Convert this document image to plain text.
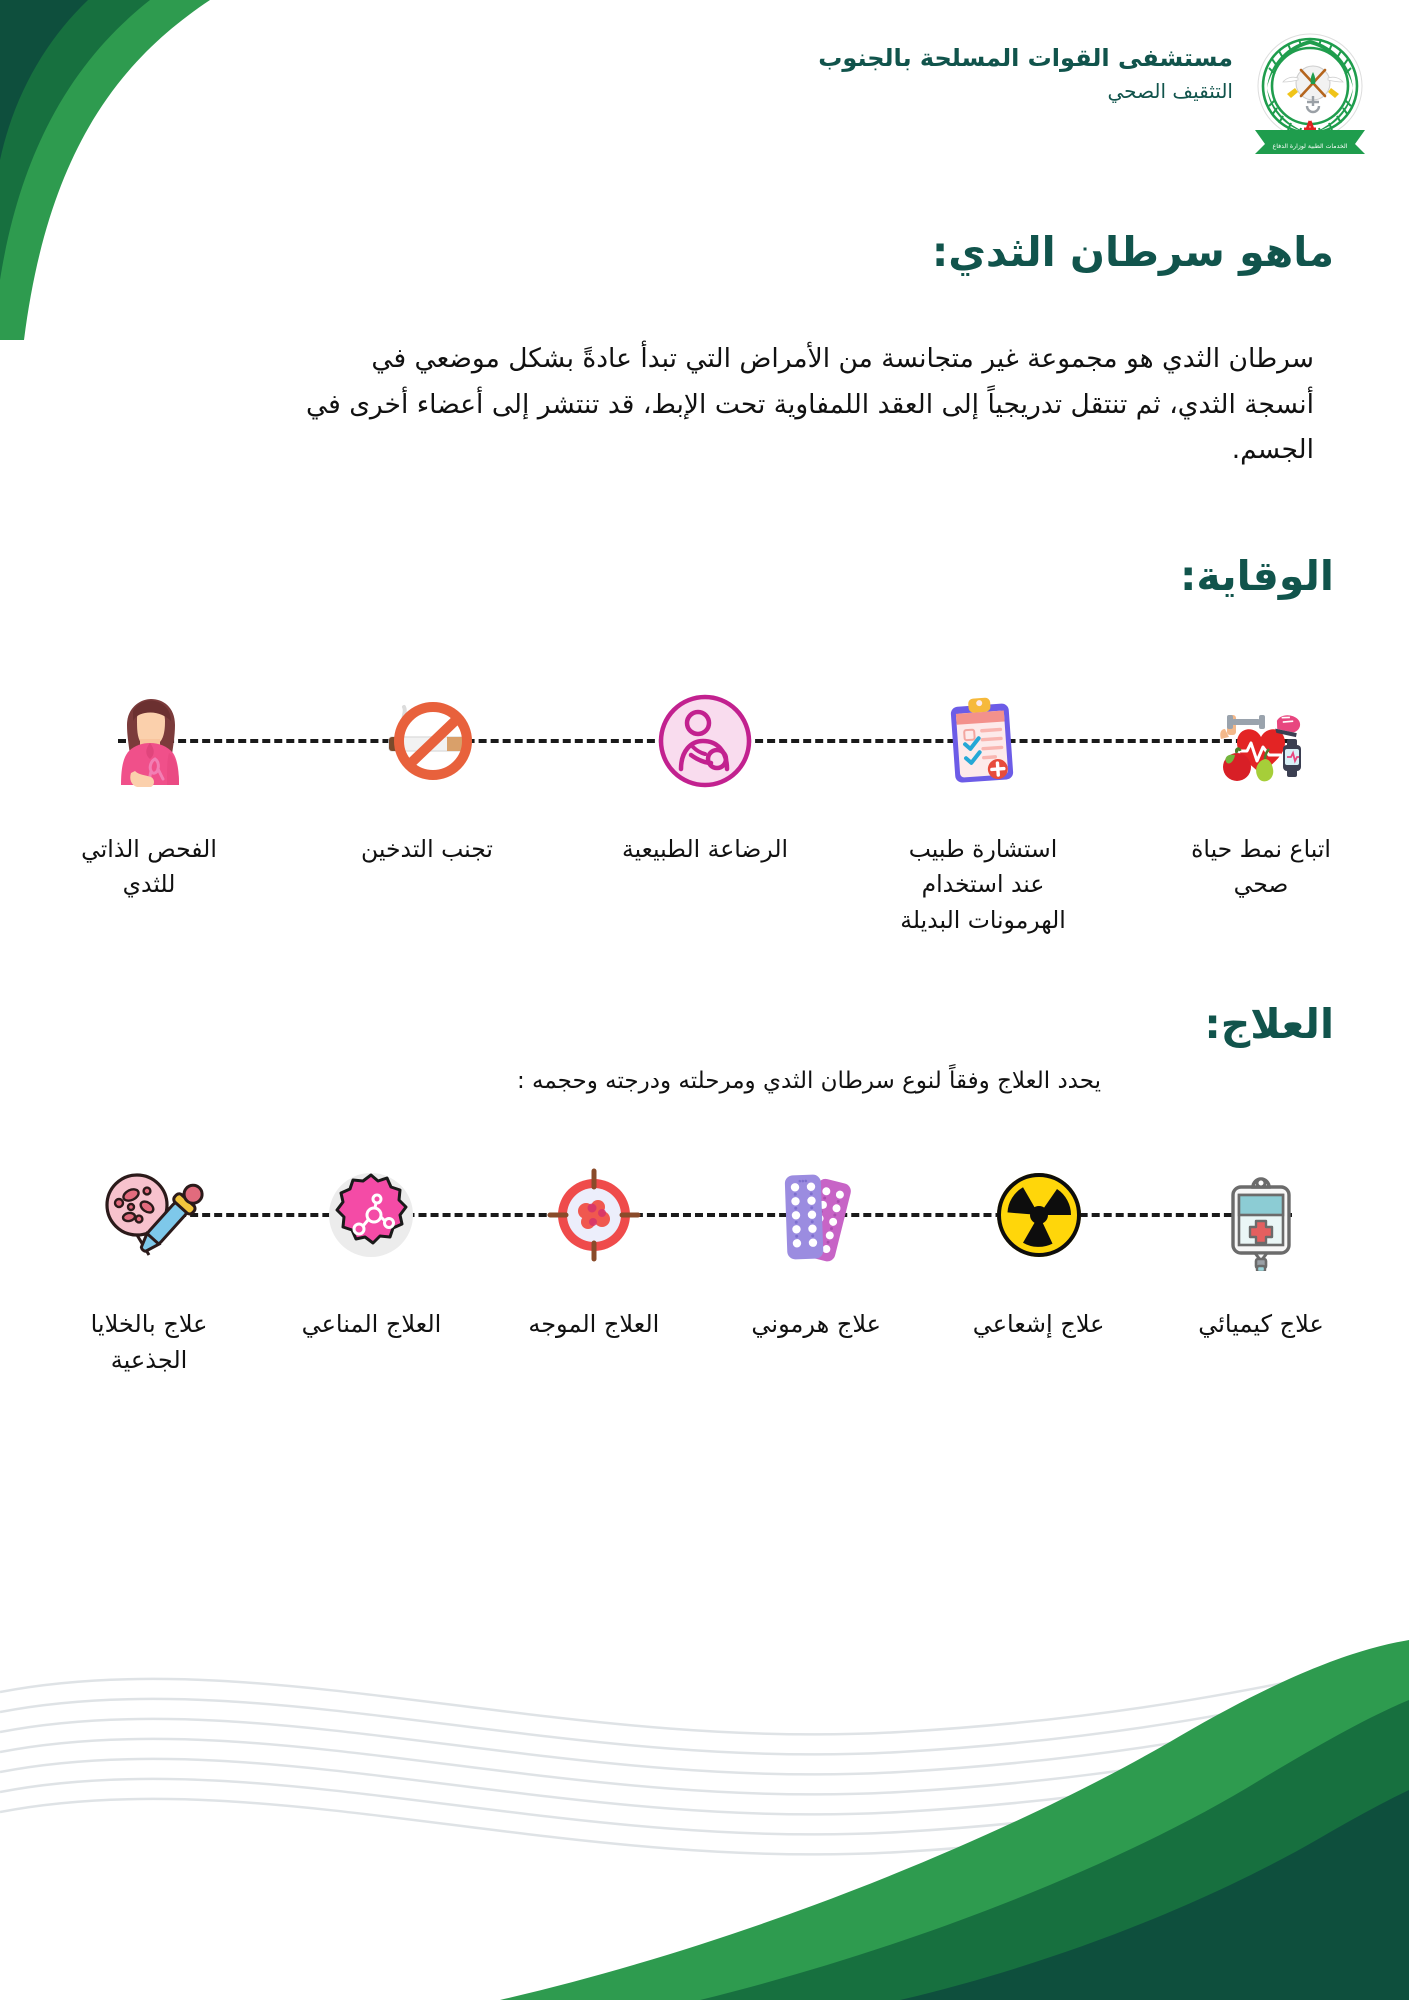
الخدمات الطبية لوزارة الدفاع
مستشفى القوات المسلحة بالجنوب
التثقيف الصحي
ماهو سرطان الثدي:
سرطان الثدي هو مجموعة غير متجانسة من الأمراض التي تبدأ عادةً بشكل موضعي في أنسجة الثدي، ثم تنتقل تدريجياً إلى العقد اللمفاوية تحت الإبط، قد تنتشر إلى أعضاء أخرى في الجسم.
الوقاية:
اتباع نمط حياة صحي
استشارة طبيب عند استخدام الهرمونات البديلة
الرضاعة الطبيعية
تجنب التدخين
الفحص الذاتي للثدي
العلاج:
يحدد العلاج وفقاً لنوع سرطان الثدي ومرحلته ودرجته وحجمه :
علاج كيميائي
علاج إشعاعي
علاج هرموني
العلاج الموجه
العلاج المناعي
علاج بالخلايا الجذعية
